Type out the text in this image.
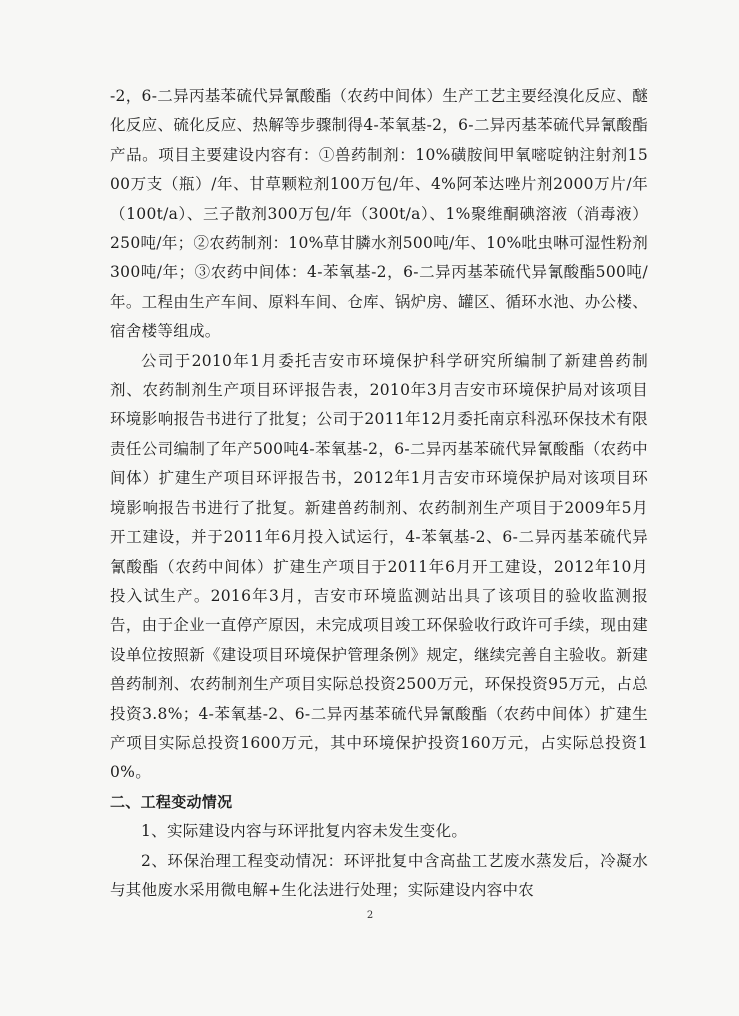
-2，6-二异丙基苯硫代异氰酸酯（农药中间体）生产工艺主要经溴化反应、醚化反应、硫化反应、热解等步骤制得4-苯氧基-2，6-二异丙基苯硫代异氰酸酯产品。项目主要建设内容有：①兽药制剂：10%磺胺间甲氧嘧啶钠注射剂1500万支（瓶）/年、甘草颗粒剂100万包/年、4%阿苯达唑片剂2000万片/年（100t/a）、三子散剂300万包/年（300t/a）、1%聚维酮碘溶液（消毒液）250吨/年；②农药制剂：10%草甘膦水剂500吨/年、10%吡虫啉可湿性粉剂300吨/年；③农药中间体：4-苯氧基-2，6-二异丙基苯硫代异氰酸酯500吨/年。工程由生产车间、原料车间、仓库、锅炉房、罐区、循环水池、办公楼、宿舍楼等组成。

公司于2010年1月委托吉安市环境保护科学研究所编制了新建兽药制剂、农药制剂生产项目环评报告表，2010年3月吉安市环境保护局对该项目环境影响报告书进行了批复；公司于2011年12月委托南京科泓环保技术有限责任公司编制了年产500吨4-苯氧基-2，6-二异丙基苯硫代异氰酸酯（农药中间体）扩建生产项目环评报告书，2012年1月吉安市环境保护局对该项目环境影响报告书进行了批复。新建兽药制剂、农药制剂生产项目于2009年5月开工建设，并于2011年6月投入试运行，4-苯氧基-2、6-二异丙基苯硫代异氰酸酯（农药中间体）扩建生产项目于2011年6月开工建设，2012年10月投入试生产。2016年3月，吉安市环境监测站出具了该项目的验收监测报告，由于企业一直停产原因，未完成项目竣工环保验收行政许可手续，现由建设单位按照新《建设项目环境保护管理条例》规定，继续完善自主验收。新建兽药制剂、农药制剂生产项目实际总投资2500万元，环保投资95万元，占总投资3.8%；4-苯氧基-2、6-二异丙基苯硫代异氰酸酯（农药中间体）扩建生产项目实际总投资1600万元，其中环境保护投资160万元，占实际总投资10%。

二、工程变动情况

1、实际建设内容与环评批复内容未发生变化。

2、环保治理工程变动情况：环评批复中含高盐工艺废水蒸发后，冷凝水与其他废水采用微电解+生化法进行处理；实际建设内容中农

2
